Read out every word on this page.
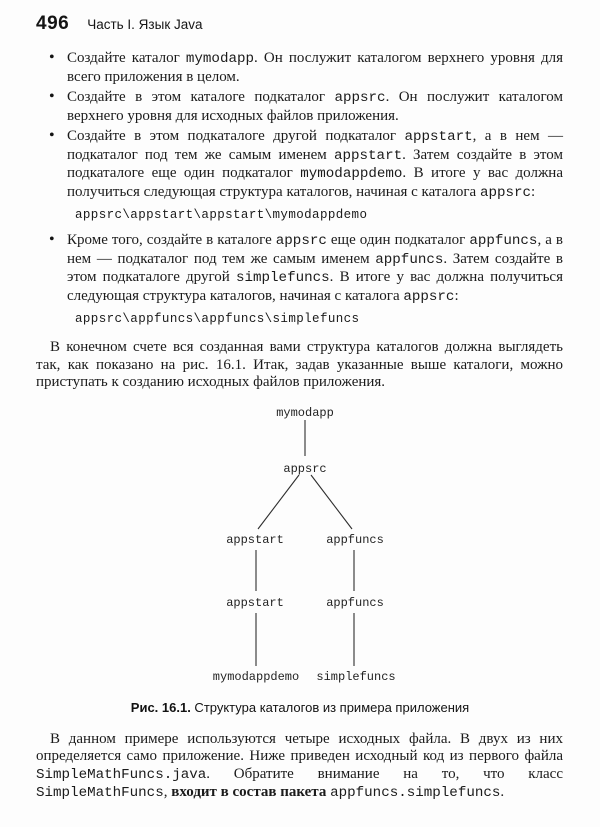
496 Часть I. Язык Java
• Создайте каталог mymodapp. Он послужит каталогом верхнего уровня для всего приложения в целом.
• Создайте в этом каталоге подкаталог appsrc. Он послужит каталогом верхнего уровня для исходных файлов приложения.
• Создайте в этом подкаталоге другой подкаталог appstart, а в нем — подкаталог под тем же самым именем appstart. Затем создайте в этом подкаталоге еще один подкаталог mymodappdemo. В итоге у вас должна получиться следующая структура каталогов, начиная с каталога appsrc:
appsrc\appstart\appstart\mymodappdemo
• Кроме того, создайте в каталоге appsrc еще один подкаталог appfuncs, а в нем — подкаталог под тем же самым именем appfuncs. Затем создайте в этом подкаталоге другой simplefuncs. В итоге у вас должна получиться следующая структура каталогов, начиная с каталога appsrc:
appsrc\appfuncs\appfuncs\simplefuncs

В конечном счете вся созданная вами структура каталогов должна выглядеть так, как показано на рис. 16.1. Итак, задав указанные выше каталоги, можно приступать к созданию исходных файлов приложения.

mymodapp
appsrc
appstart	appfuncs
appstart	appfuncs
mymodappdemo simplefuncs
Рис. 16.1. Структура каталогов из примера приложения

В данном примере используются четыре исходных файла. В двух из них определяется само приложение. Ниже приведен исходный код из первого файла SimpleMathFuncs.java. Обратите внимание на то, что класс SimpleMathFuncs, входит в состав пакета appfuncs.simplefuncs.
